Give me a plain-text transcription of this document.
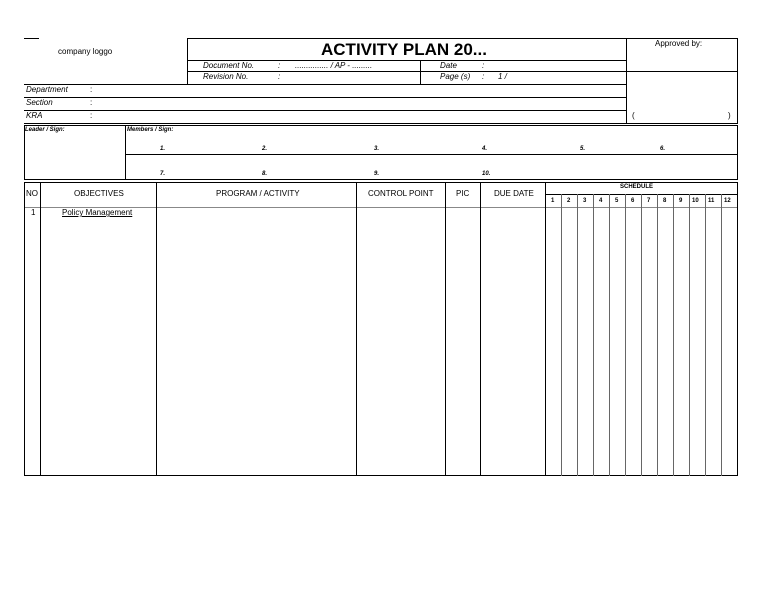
company loggo	ACTIVITY PLAN 20...	Approved by:
Document No.	: ............... / AP - .........
Revision No.	:
Date	:
Page (s) : 1 /
Department	:
Section	:
KRA	:	(	)
Leader / Sign:	Members / Sign:
1.	2.	3.	4.	5.	6.
7.	8.	9.	10.
NO	OBJECTIVES	PROGRAM / ACTIVITY	CONTROL POINT	PIC	DUE DATE
SCHEDULE
1 2 3 4 5 6 7 8 9 10 11 12
1	Policy Management
